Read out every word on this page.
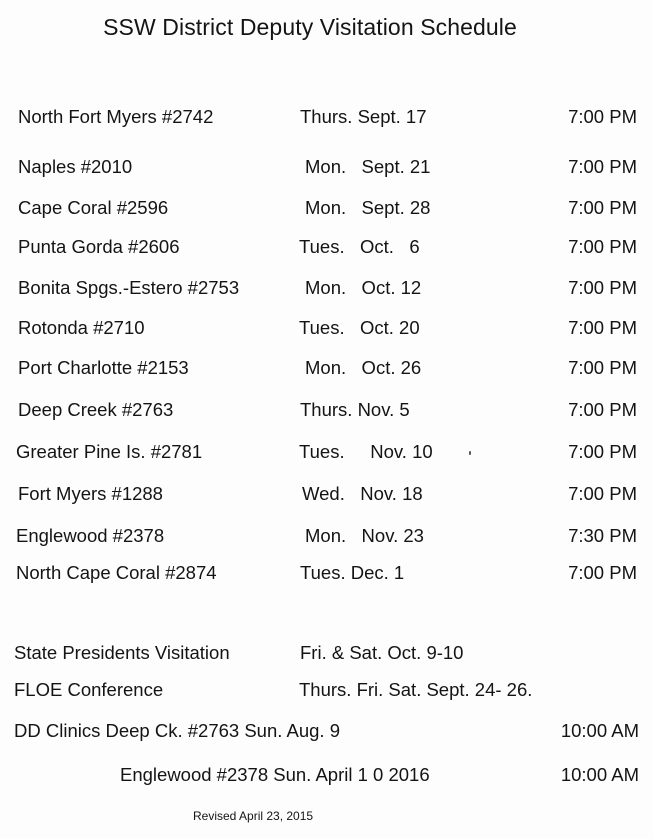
SSW District Deputy Visitation Schedule
North Fort Myers #2742	Thurs. Sept. 17	7:00 PM
Naples #2010	Mon.   Sept. 21	7:00 PM
Cape Coral #2596	Mon.   Sept. 28	7:00 PM
Punta Gorda #2606	Tues.   Oct.   6	7:00 PM
Bonita Spgs.-Estero #2753	Mon.   Oct. 12	7:00 PM
Rotonda #2710	Tues.   Oct. 20	7:00 PM
Port Charlotte #2153	Mon.   Oct. 26	7:00 PM
Deep Creek #2763	Thurs. Nov. 5	7:00 PM
Greater Pine Is. #2781	Tues.     Nov. 10	7:00 PM
Fort Myers #1288	Wed.   Nov. 18	7:00 PM
Englewood #2378	Mon.   Nov. 23	7:30 PM
North Cape Coral #2874	Tues. Dec. 1	7:00 PM
State Presidents Visitation	Fri. & Sat. Oct. 9-10
FLOE Conference	Thurs. Fri. Sat. Sept. 24- 26.
DD Clinics Deep Ck. #2763 Sun. Aug. 9	10:00 AM
Englewood #2378 Sun. April 1 0 2016	10:00 AM
Revised April 23, 2015
